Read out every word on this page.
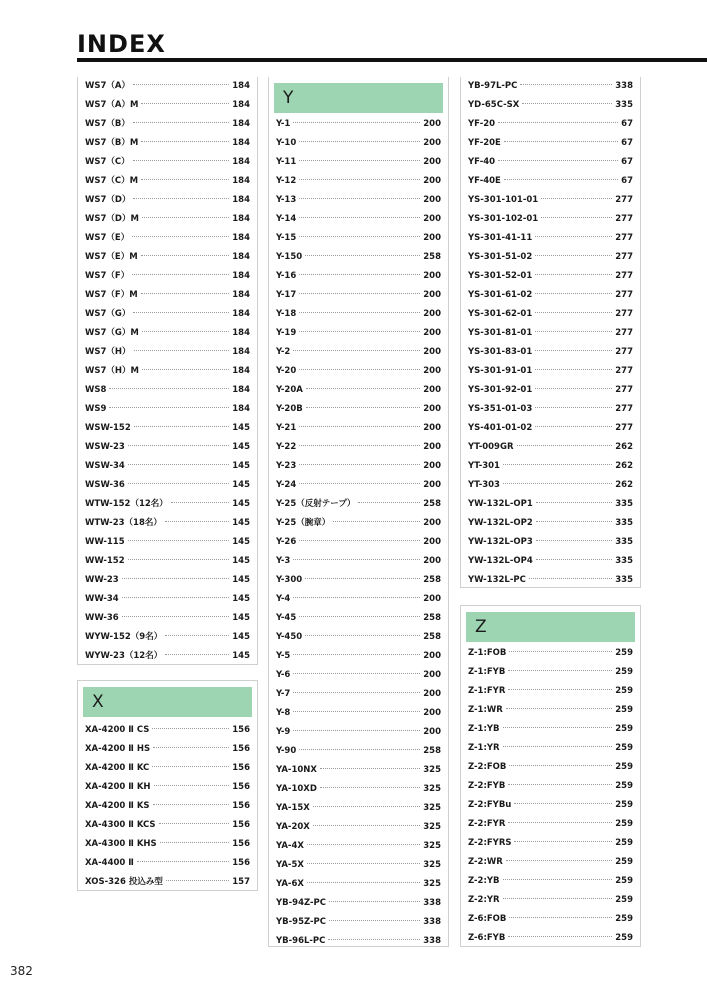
INDEX
WS7（A）	184
WS7（A）M	184
WS7（B）	184
WS7（B）M	184
WS7（C）	184
WS7（C）M	184
WS7（D）	184
WS7（D）M	184
WS7（E）	184
WS7（E）M	184
WS7（F）	184
WS7（F）M	184
WS7（G）	184
WS7（G）M	184
WS7（H）	184
WS7（H）M	184
WS8	184
WS9	184
WSW-152	145
WSW-23	145
WSW-34	145
WSW-36	145
WTW-152（12名）	145
WTW-23（18名）	145
WW-115	145
WW-152	145
WW-23	145
WW-34	145
WW-36	145
WYW-152（9名）	145
WYW-23（12名）	145
X
XA-4200 Ⅱ CS	156
XA-4200 Ⅱ HS	156
XA-4200 Ⅱ KC	156
XA-4200 Ⅱ KH	156
XA-4200 Ⅱ KS	156
XA-4300 Ⅱ KCS	156
XA-4300 Ⅱ KHS	156
XA-4400 Ⅱ	156
XOS-326 投込み型	157
Y
Y-1	200
Y-10	200
Y-11	200
Y-12	200
Y-13	200
Y-14	200
Y-15	200
Y-150	258
Y-16	200
Y-17	200
Y-18	200
Y-19	200
Y-2	200
Y-20	200
Y-20A	200
Y-20B	200
Y-21	200
Y-22	200
Y-23	200
Y-24	200
Y-25（反射テープ）	258
Y-25（腕章）	200
Y-26	200
Y-3	200
Y-300	258
Y-4	200
Y-45	258
Y-450	258
Y-5	200
Y-6	200
Y-7	200
Y-8	200
Y-9	200
Y-90	258
YA-10NX	325
YA-10XD	325
YA-15X	325
YA-20X	325
YA-4X	325
YA-5X	325
YA-6X	325
YB-94Z-PC	338
YB-95Z-PC	338
YB-96L-PC	338
YB-97L-PC	338
YD-65C-SX	335
YF-20	67
YF-20E	67
YF-40	67
YF-40E	67
YS-301-101-01	277
YS-301-102-01	277
YS-301-41-11	277
YS-301-51-02	277
YS-301-52-01	277
YS-301-61-02	277
YS-301-62-01	277
YS-301-81-01	277
YS-301-83-01	277
YS-301-91-01	277
YS-301-92-01	277
YS-351-01-03	277
YS-401-01-02	277
YT-009GR	262
YT-301	262
YT-303	262
YW-132L-OP1	335
YW-132L-OP2	335
YW-132L-OP3	335
YW-132L-OP4	335
YW-132L-PC	335
Z
Z-1:FOB	259
Z-1:FYB	259
Z-1:FYR	259
Z-1:WR	259
Z-1:YB	259
Z-1:YR	259
Z-2:FOB	259
Z-2:FYB	259
Z-2:FYBu	259
Z-2:FYR	259
Z-2:FYRS	259
Z-2:WR	259
Z-2:YB	259
Z-2:YR	259
Z-6:FOB	259
Z-6:FYB	259
382
